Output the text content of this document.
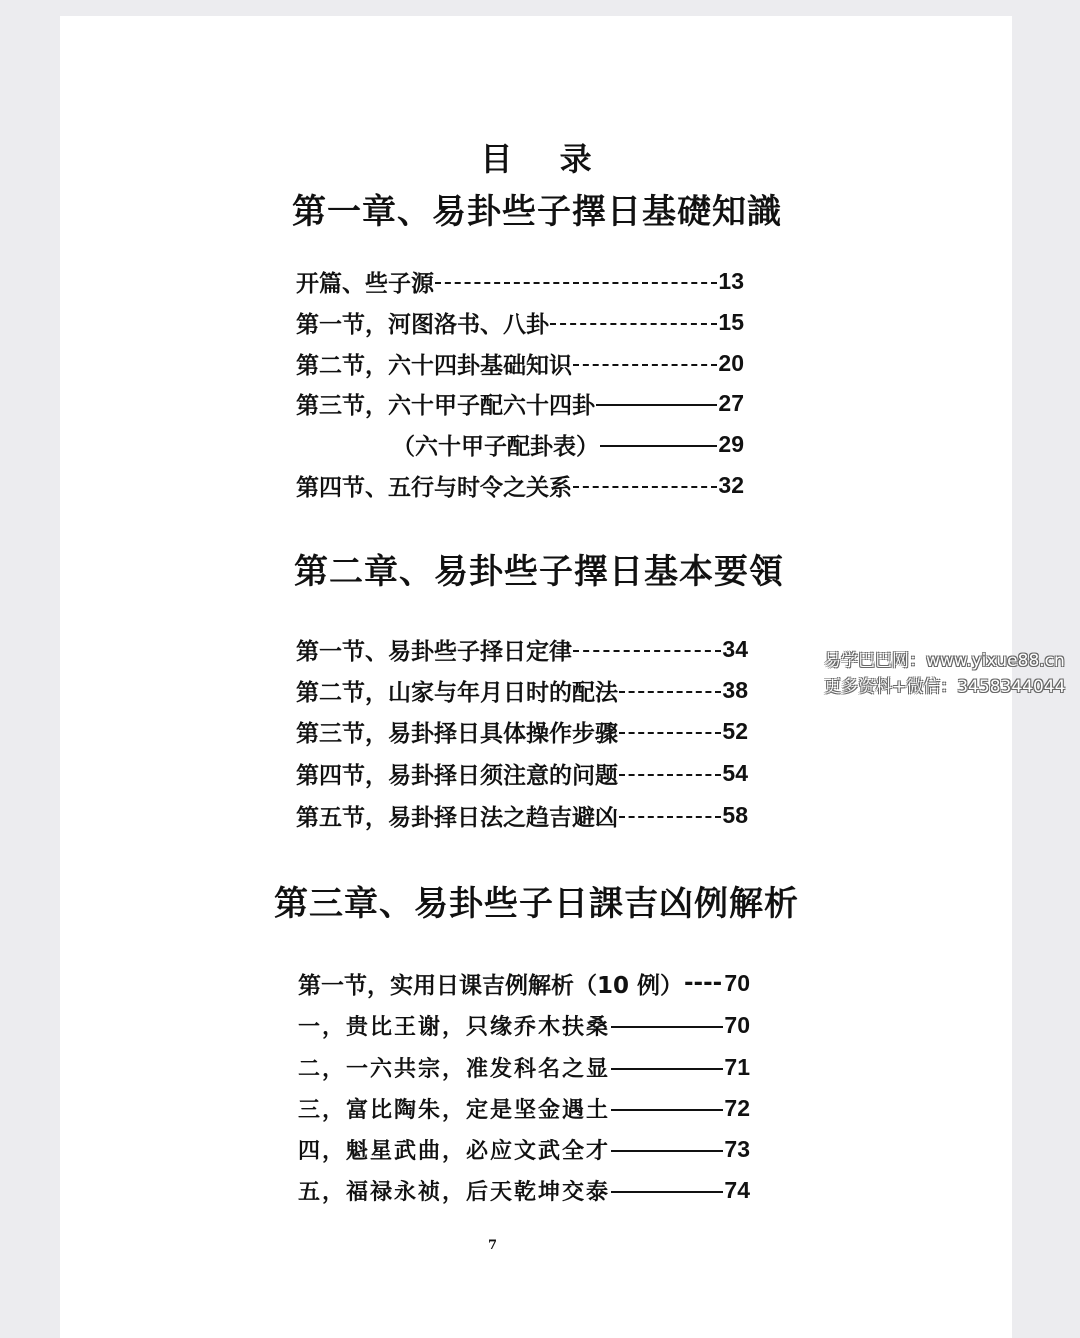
目 录
第一章、易卦些子擇日基礎知識
开篇、些子源	13
第一节，河图洛书、八卦	15
第二节，六十四卦基础知识	20
第三节，六十甲子配六十四卦	27
（六十甲子配卦表）	29
第四节、五行与时令之关系	32
第二章、易卦些子擇日基本要領
第一节、易卦些子择日定律	34
第二节，山家与年月日时的配法	38
第三节，易卦择日具体操作步骤	52
第四节，易卦择日须注意的问题	54
第五节，易卦择日法之趋吉避凶	58
第三章、易卦些子日課吉凶例解析
第一节，实用日课吉例解析（10 例） ---- 70
一，贵比王谢，只缘乔木扶桑	70
二，一六共宗，准发科名之显	71
三，富比陶朱，定是坚金遇土	72
四，魁星武曲，必应文武全才	73
五，福禄永祯，后天乾坤交泰	74
7
易学巴巴网：www.yixue88.cn
更多资料+微信：3458344044
